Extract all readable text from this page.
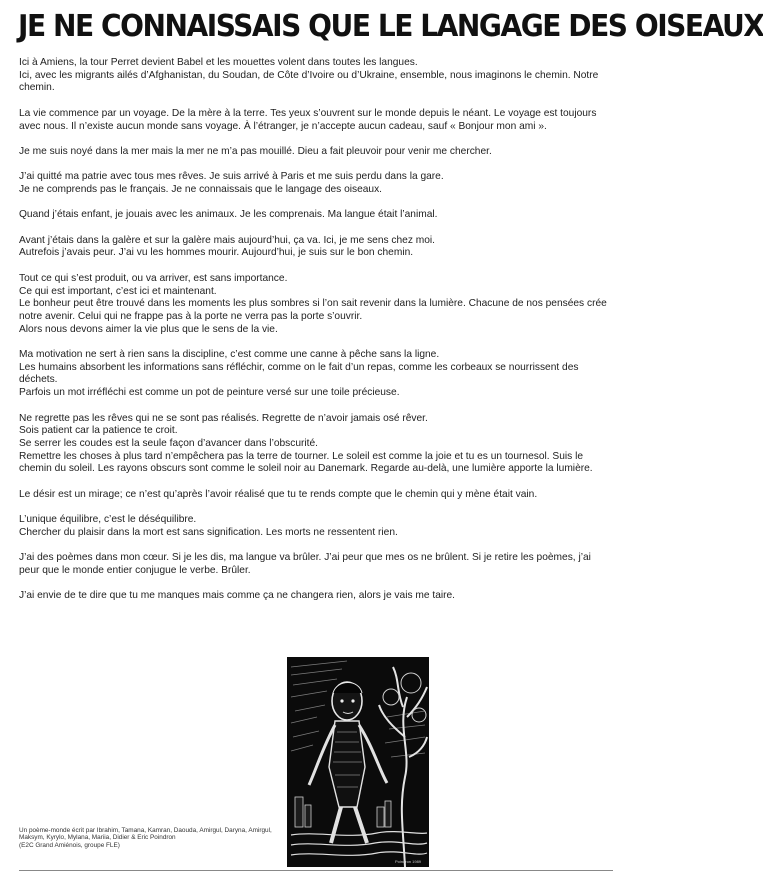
JE NE CONNAISSAIS QUE LE LANGAGE DES OISEAUX

Ici à Amiens, la tour Perret devient Babel et les mouettes volent dans toutes les langues.

Ici, avec les migrants ailés d’Afghanistan, du Soudan, de Côte d’Ivoire ou d’Ukraine, ensemble, nous imaginons le chemin. Notre chemin.

La vie commence par un voyage. De la mère à la terre. Tes yeux s’ouvrent sur le monde depuis le néant. Le voyage est toujours avec nous. Il n’existe aucun monde sans voyage. À l’étranger, je n’accepte aucun cadeau, sauf « Bonjour mon ami ».

Je me suis noyé dans la mer mais la mer ne m’a pas mouillé. Dieu a fait pleuvoir pour venir me chercher.

J’ai quitté ma patrie avec tous mes rêves. Je suis arrivé à Paris et me suis perdu dans la gare.

Je ne comprends pas le français. Je ne connaissais que le langage des oiseaux.

Quand j’étais enfant, je jouais avec les animaux. Je les comprenais. Ma langue était l’animal.

Avant j’étais dans la galère et sur la galère mais aujourd’hui, ça va. Ici, je me sens chez moi.

Autrefois j’avais peur. J’ai vu les hommes mourir. Aujourd’hui, je suis sur le bon chemin.

Tout ce qui s’est produit, ou va arriver, est sans importance.

Ce qui est important, c’est ici et maintenant.

Le bonheur peut être trouvé dans les moments les plus sombres si l’on sait revenir dans la lumière. Chacune de nos pensées crée notre avenir. Celui qui ne frappe pas à la porte ne verra pas la porte s’ouvrir.

Alors nous devons aimer la vie plus que le sens de la vie.

Ma motivation ne sert à rien sans la discipline, c’est comme une canne à pêche sans la ligne.

Les humains absorbent les informations sans réfléchir, comme on le fait d’un repas, comme les corbeaux se nourrissent des déchets.

Parfois un mot irréfléchi est comme un pot de peinture versé sur une toile précieuse.

Ne regrette pas les rêves qui ne se sont pas réalisés. Regrette de n’avoir jamais osé rêver.

Sois patient car la patience te croit.

Se serrer les coudes est la seule façon d’avancer dans l’obscurité.

Remettre les choses à plus tard n’empêchera pas la terre de tourner. Le soleil est comme la joie et tu es un tournesol. Suis le chemin du soleil. Les rayons obscurs sont comme le soleil noir au Danemark. Regarde au-delà, une lumière apporte la lumière.

Le désir est un mirage; ce n’est qu’après l’avoir réalisé que tu te rends compte que le chemin qui y mène était vain.

L’unique équilibre, c’est le déséquilibre.

Chercher du plaisir dans la mort est sans signification. Les morts ne ressentent rien.

J’ai des poèmes dans mon cœur. Si je les dis, ma langue va brûler. J’ai peur que mes os ne brûlent. Si je retire les poèmes, j’ai peur que le monde entier conjugue le verbe. Brûler.

J’ai envie de te dire que tu me manques mais comme ça ne changera rien, alors je vais me taire.

Poindron 1989

Un poème-monde écrit par Ibrahim, Tamana, Kamran, Daouda, Amirgul, Daryna, Amirgul, Maksym, Kyrylo, Mylana, Mariia, Didier & Eric Poindron

(E2C Grand Amiénois, groupe FLE)
